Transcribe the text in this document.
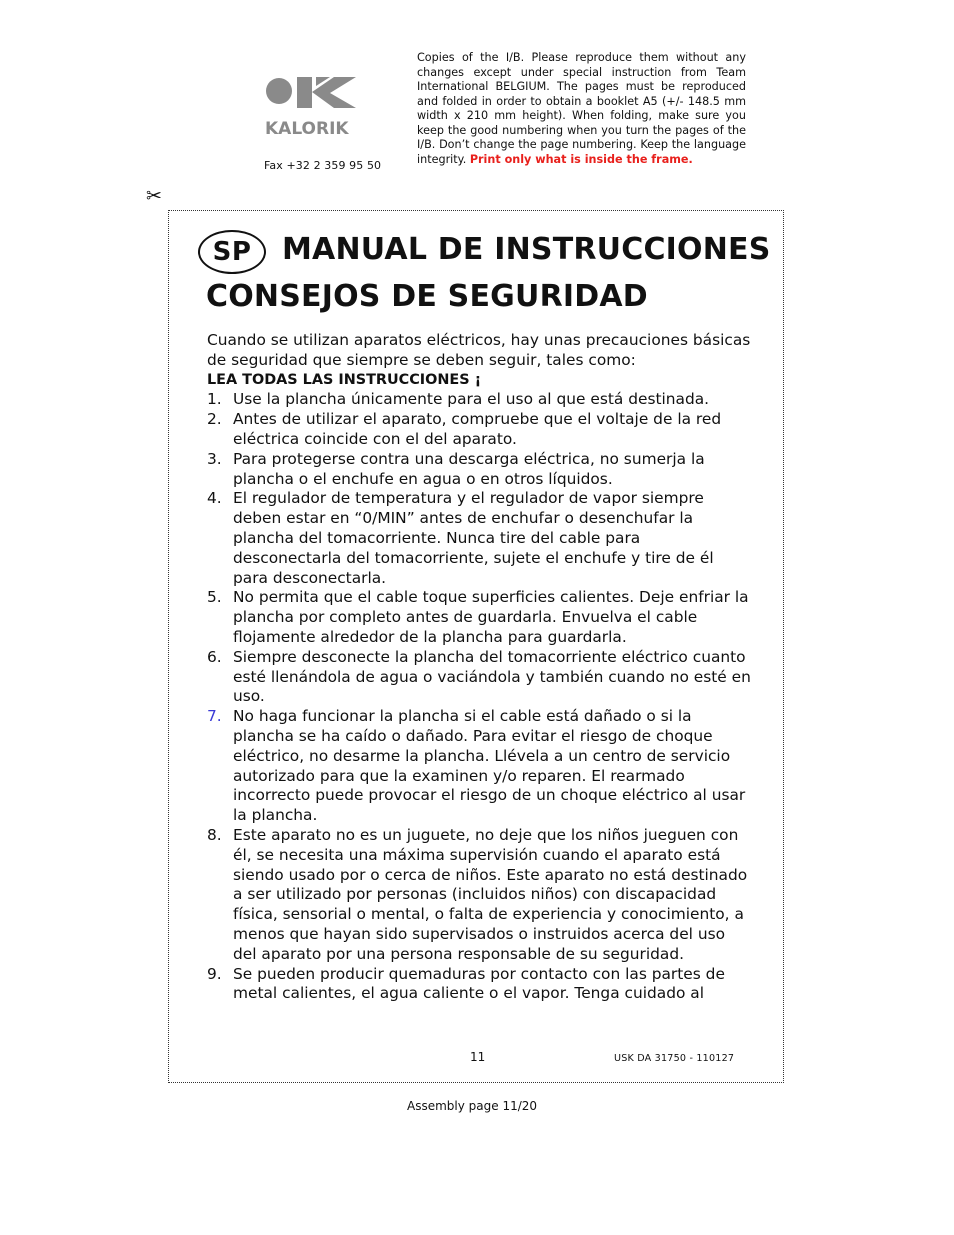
KALORIK
Fax +32 2 359 95 50
Copies of the I/B. Please reproduce them without any changes except under special instruction from Team International BELGIUM. The pages must be reproduced and folded in order to obtain a booklet A5 (+/- 148.5 mm width x 210 mm height). When folding, make sure you keep the good numbering when you turn the pages of the I/B. Don’t change the page numbering. Keep the language integrity. Print only what is inside the frame.
✂
SP	MANUAL DE INSTRUCCIONES
CONSEJOS DE SEGURIDAD

Cuando se utilizan aparatos eléctricos, hay unas precauciones básicas de seguridad que siempre se deben seguir, tales como:

LEA TODAS LAS INSTRUCCIONES ¡

1. Use la plancha únicamente para el uso al que está destinada.
2. Antes de utilizar el aparato, compruebe que el voltaje de la red eléctrica coincide con el del aparato.
3. Para protegerse contra una descarga eléctrica, no sumerja la plancha o el enchufe en agua o en otros líquidos.
4. El regulador de temperatura y el regulador de vapor siempre deben estar en “0/MIN” antes de enchufar o desenchufar la plancha del tomacorriente. Nunca tire del cable para desconectarla del tomacorriente, sujete el enchufe y tire de él para desconectarla.
5. No permita que el cable toque superficies calientes. Deje enfriar la plancha por completo antes de guardarla. Envuelva el cable flojamente alrededor de la plancha para guardarla.
6. Siempre desconecte la plancha del tomacorriente eléctrico cuanto esté llenándola de agua o vaciándola y también cuando no esté en uso.
7. No haga funcionar la plancha si el cable está dañado o si la plancha se ha caído o dañado. Para evitar el riesgo de choque eléctrico, no desarme la plancha. Llévela a un centro de servicio autorizado para que la examinen y/o reparen. El rearmado incorrecto puede provocar el riesgo de un choque eléctrico al usar la plancha.
8. Este aparato no es un juguete, no deje que los niños jueguen con él, se necesita una máxima supervisión cuando el aparato está siendo usado por o cerca de niños. Este aparato no está destinado a ser utilizado por personas (incluidos niños) con discapacidad física, sensorial o mental, o falta de experiencia y conocimiento, a menos que hayan sido supervisados o instruidos acerca del uso del aparato por una persona responsable de su seguridad.
9. Se pueden producir quemaduras por contacto con las partes de metal calientes, el agua caliente o el vapor. Tenga cuidado al
11	USK DA 31750 - 110127
Assembly page 11/20
